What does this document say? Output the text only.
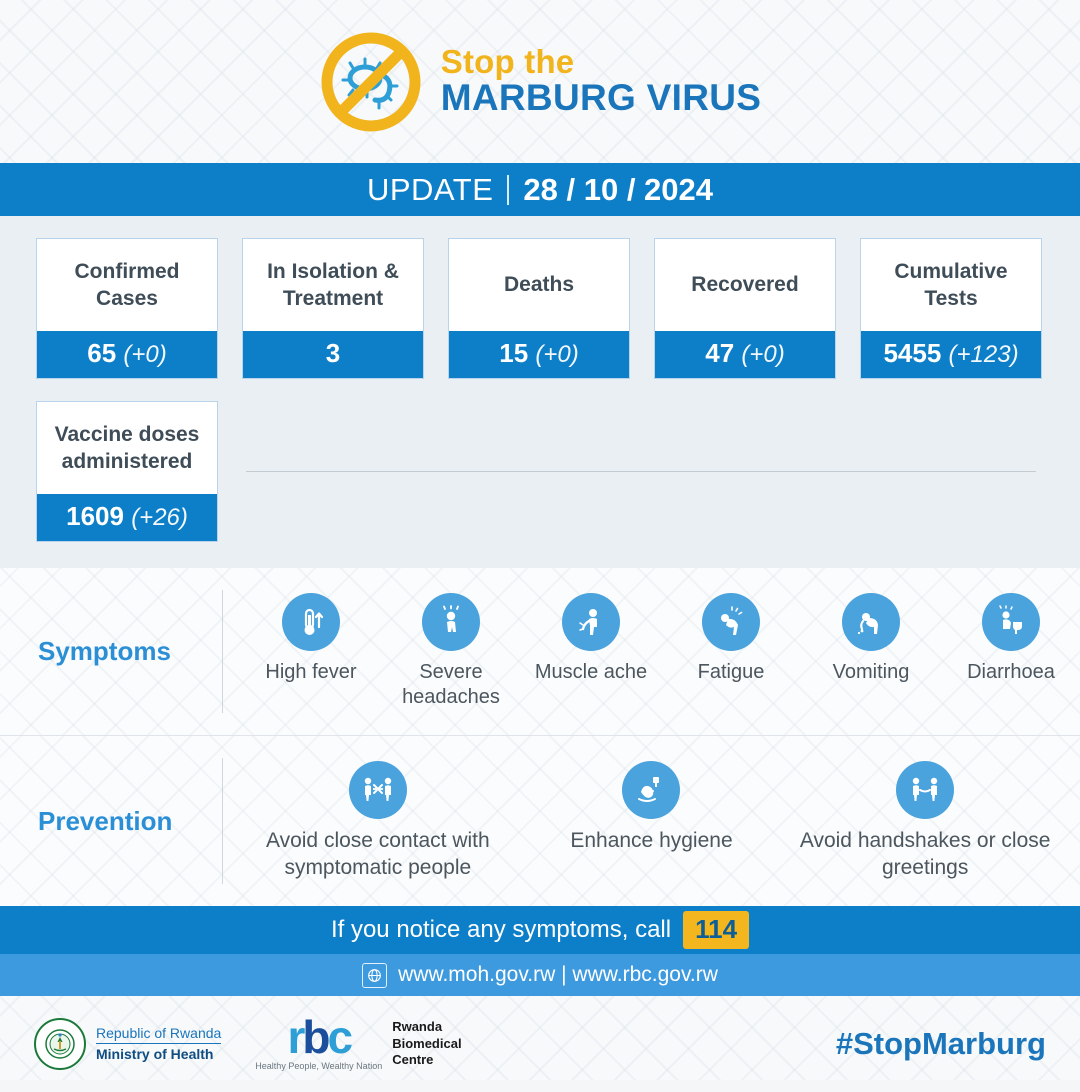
Stop the
MARBURG VIRUS
UPDATE 28 / 10 / 2024
Confirmed Cases
65 (+0)
In Isolation & Treatment
3
Deaths
15 (+0)
Recovered
47 (+0)
Cumulative Tests
5455 (+123)
Vaccine doses administered
1609 (+26)
Symptoms
High fever	Severe headaches
Muscle ache	Fatigue	Vomiting	Diarrhoea
Prevention
Avoid close contact with symptomatic people
Enhance hygiene	Avoid handshakes or close greetings
If you notice any symptoms, call 114
www.moh.gov.rw | www.rbc.gov.rw
Republic of Rwanda
Ministry of Health	rbc
Healthy People, Wealthy Nation
Rwanda
Biomedical
Centre	#StopMarburg
